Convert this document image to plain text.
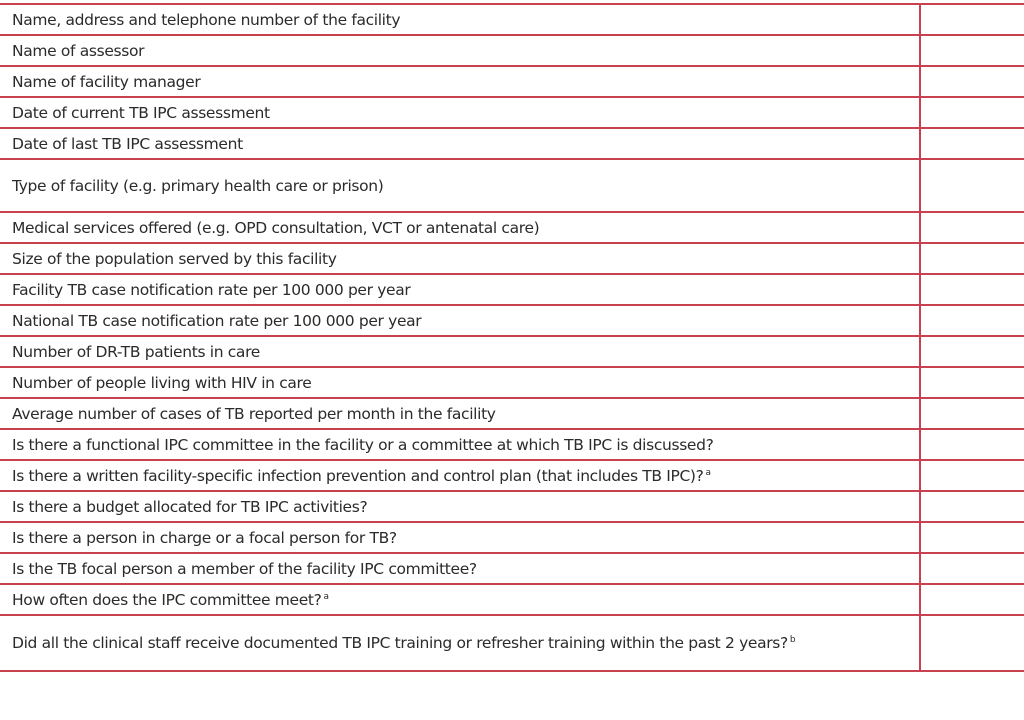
Name, address and telephone number of the facility	
Name of assessor	
Name of facility manager	
Date of current TB IPC assessment	
Date of last TB IPC assessment	
Type of facility (e.g. primary health care or prison)	
Medical services offered (e.g. OPD consultation, VCT or antenatal care)	
Size of the population served by this facility	
Facility TB case notification rate per 100 000 per year	
National TB case notification rate per 100 000 per year	
Number of DR-TB patients in care	
Number of people living with HIV in care	
Average number of cases of TB reported per month in the facility	
Is there a functional IPC committee in the facility or a committee at which TB IPC is discussed?	
Is there a written facility-specific infection prevention and control plan (that includes TB IPC)? $^a$	
Is there a budget allocated for TB IPC activities?	
Is there a person in charge or a focal person for TB?	
Is the TB focal person a member of the facility IPC committee?	
How often does the IPC committee meet? $^a$	
Did all the clinical staff receive documented TB IPC training or refresher training within the past 2 years? $^b$	
